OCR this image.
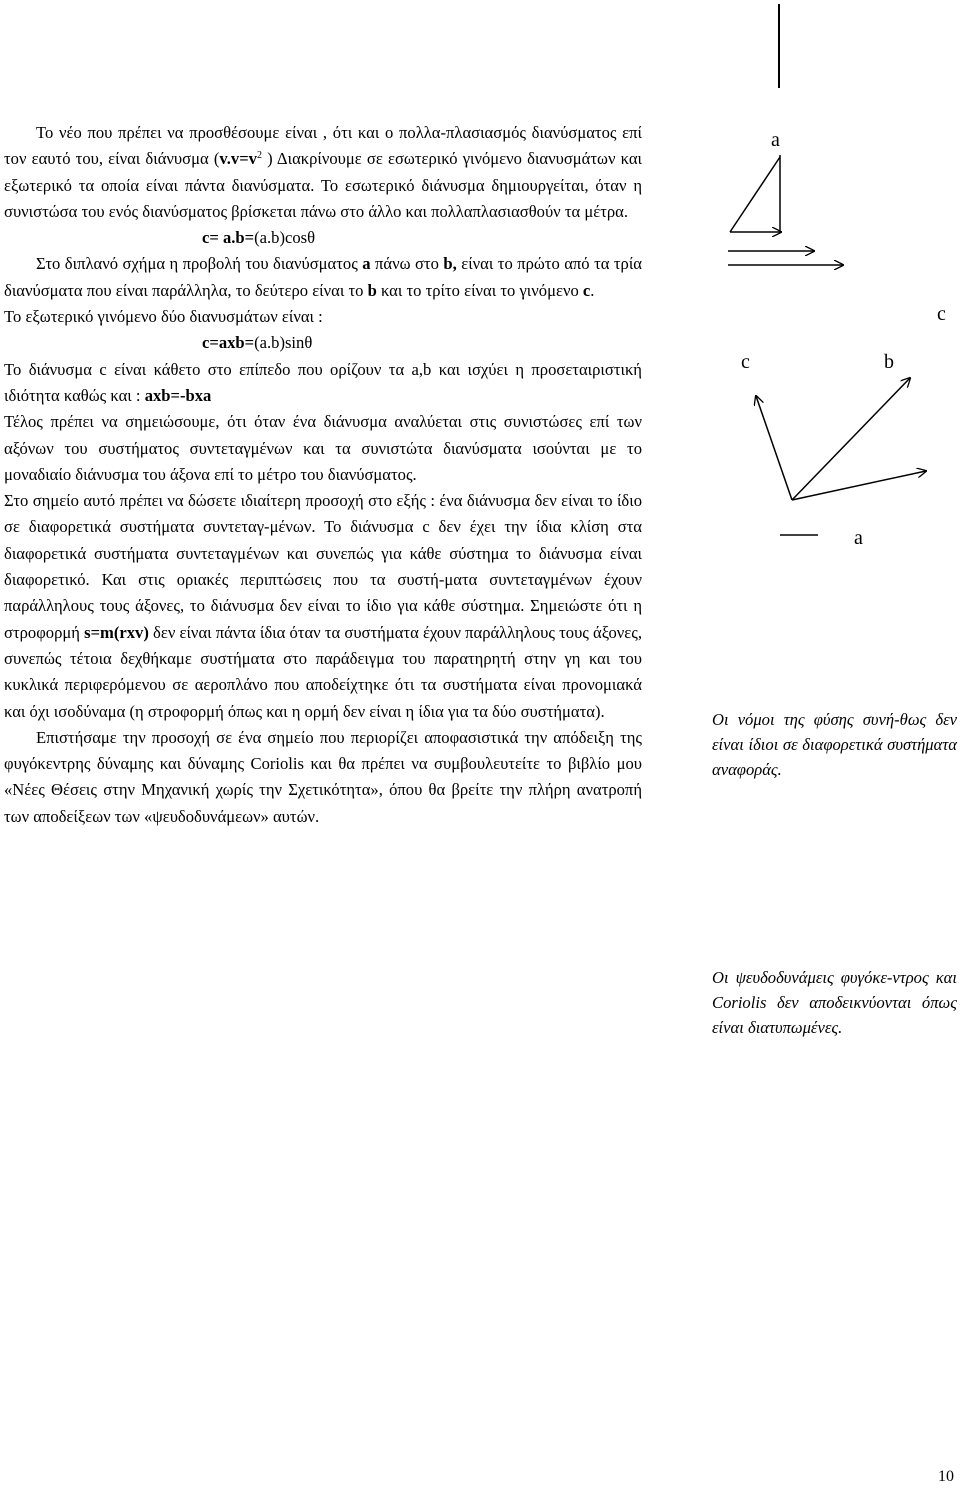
Το νέο που πρέπει να προσθέσουμε είναι , ότι και ο πολλα-πλασιασμός διανύσματος επί τον εαυτό του, είναι διάνυσμα ($v.v=v^2$ ) Διακρίνουμε σε εσωτερικό γινόμενο διανυσμάτων και εξωτερικό τα οποία είναι πάντα διανύσματα. Το εσωτερικό διάνυσμα δημιουργείται, όταν η συνιστώσα του ενός διανύσματος βρίσκεται πάνω στο άλλο και πολλαπλασιασθούν τα μέτρα.

c= a.b=(a.b)cosθ

Στο διπλανό σχήμα η προβολή του διανύσματος a πάνω στο b, είναι το πρώτο από τα τρία διανύσματα που είναι παράλληλα, το δεύτερο είναι το b και το τρίτο είναι το γινόμενο c.

Το εξωτερικό γινόμενο δύο διανυσμάτων είναι :

c=axb=(a.b)sinθ

Το διάνυσμα c είναι κάθετο στο επίπεδο που ορίζουν τα a,b και ισχύει η προσεταιριστική ιδιότητα καθώς και : axb=-bxa

Τέλος πρέπει να σημειώσουμε, ότι όταν ένα διάνυσμα αναλύεται στις συνιστώσες επί των αξόνων του συστήματος συντεταγμένων και τα συνιστώτα διανύσματα ισούνται με το μοναδιαίο διάνυσμα του άξονα επί το μέτρο του διανύσματος.

Στο σημείο αυτό πρέπει να δώσετε ιδιαίτερη προσοχή στο εξής : ένα διάνυσμα δεν είναι το ίδιο σε διαφορετικά συστήματα συντεταγ-μένων. Το διάνυσμα c δεν έχει την ίδια κλίση στα διαφορετικά συστήματα συντεταγμένων και συνεπώς για κάθε σύστημα το διάνυσμα είναι διαφορετικό. Και στις οριακές περιπτώσεις που τα συστή-ματα συντεταγμένων έχουν παράλληλους τους άξονες, το διάνυσμα δεν είναι το ίδιο για κάθε σύστημα. Σημειώστε ότι η στροφορμή s=m(rxv) δεν είναι πάντα ίδια όταν τα συστήματα έχουν παράλληλους τους άξονες, συνεπώς τέτοια δεχθήκαμε συστήματα στο παράδειγμα του παρατηρητή στην γη και του κυκλικά περιφερόμενου σε αεροπλάνο που αποδείχτηκε ότι τα συστήματα είναι προνομιακά και όχι ισοδύναμα (η στροφορμή όπως και η ορμή δεν είναι η ίδια για τα δύο συστήματα).

Επιστήσαμε την προσοχή σε ένα σημείο που περιορίζει αποφασιστικά την απόδειξη της φυγόκεντρης δύναμης και δύναμης Coriolis και θα πρέπει να συμβουλευτείτε το βιβλίο μου «Νέες Θέσεις στην Μηχανική χωρίς την Σχετικότητα», όπου θα βρείτε την πλήρη ανατροπή των αποδείξεων των «ψευδοδυνάμεων» αυτών.

a
c
c	b
a
Οι νόμοι της φύσης συνή-θως δεν είναι ίδιοι σε διαφορετικά συστήματα αναφοράς.
Οι ψευδοδυνάμεις φυγόκε-ντρος και Coriolis δεν αποδεικνύονται όπως είναι διατυπωμένες.
10
